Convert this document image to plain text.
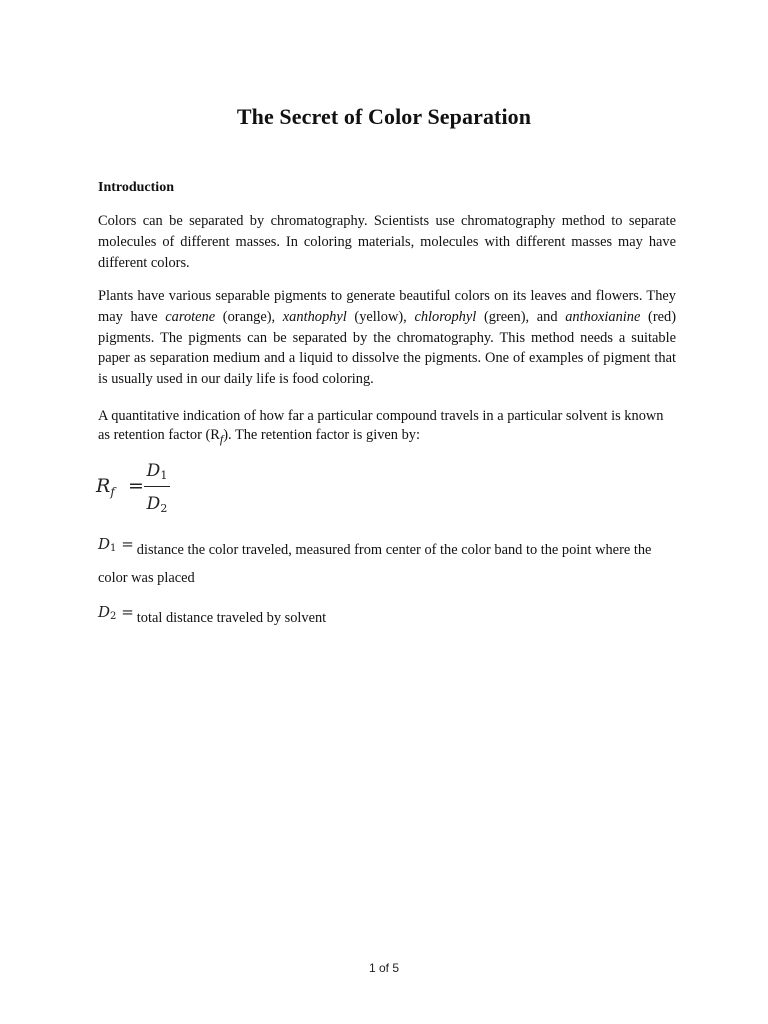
The Secret of Color Separation
Introduction
Colors can be separated by chromatography. Scientists use chromatography method to separate molecules of different masses. In coloring materials, molecules with different masses may have different colors.
Plants have various separable pigments to generate beautiful colors on its leaves and flowers. They may have carotene (orange), xanthophyl (yellow), chlorophyl (green), and anthoxianine (red) pigments. The pigments can be separated by the chromatography. This method needs a suitable paper as separation medium and a liquid to dissolve the pigments. One of examples of pigment that is usually used in our daily life is food coloring.
A quantitative indication of how far a particular compound travels in a particular solvent is known as retention factor $(R_f)$. The retention factor is given by:
$R_f$ =
$D_1$
$D_2$
$D_1$ = distance the color traveled, measured from center of the color band to the point where the color was placed
$D_2$ = total distance traveled by solvent
1 of 5
